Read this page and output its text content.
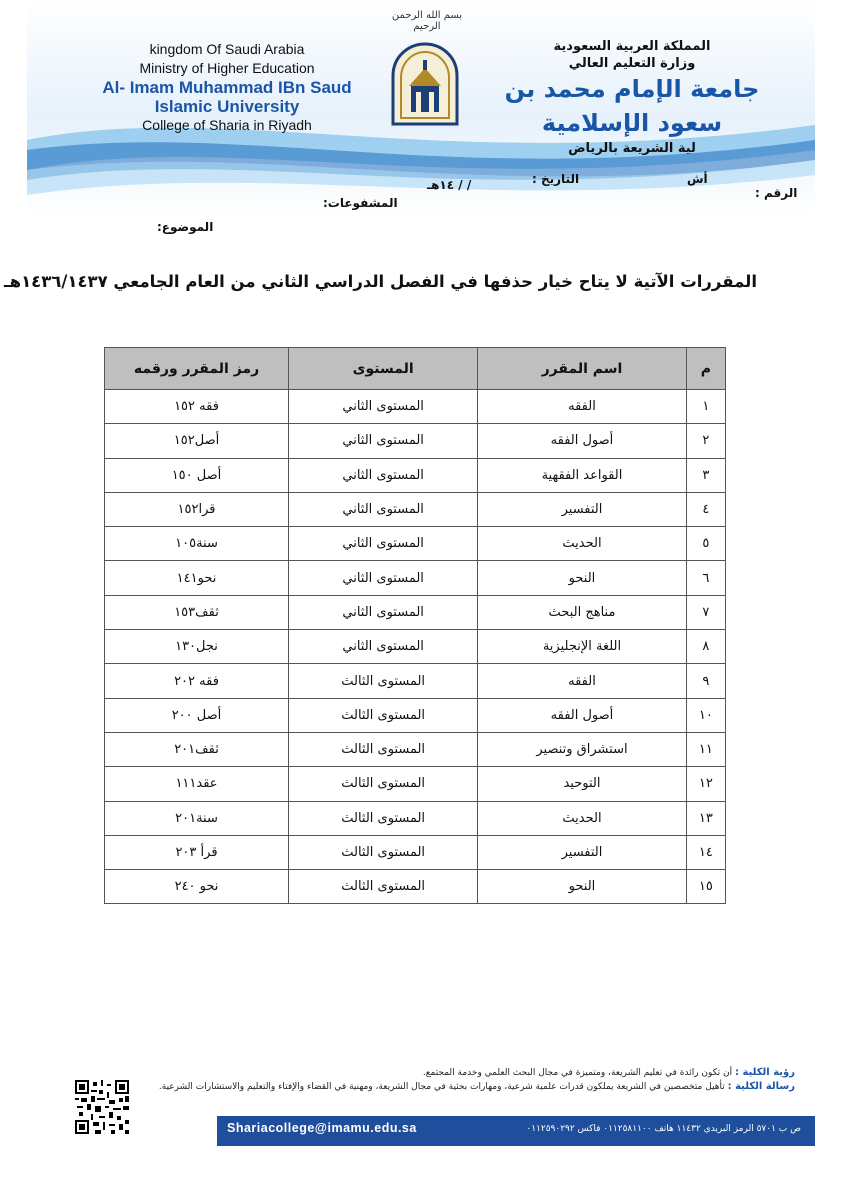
بسم الله الرحمن الرحيم
kingdom Of Saudi Arabia
Ministry of Higher Education
Al- Imam Muhammad IBn Saud
Islamic University
College of Sharia in Riyadh
المملكة العربية السعودية
وزارة التعليم العالي
جامعة الإمام محمد بن سعود الإسلامية
لية الشريعة بالرياض
الرقم :
أش
التاريخ :
/ / ١٤هـ
المشفوعات:
الموضوع:
المقررات الآتية لا يتاح خيار حذفها في الفصل الدراسي الثاني من العام الجامعي ١٤٣٦/١٤٣٧هـ
م	اسم المقرر	المستوى	رمز المقرر ورقمه
١	الفقه	المستوى الثاني	فقه ١٥٢
٢	أصول الفقه	المستوى الثاني	أصل١٥٢
٣	القواعد الفقهية	المستوى الثاني	أصل ١٥٠
٤	التفسير	المستوى الثاني	قرا١٥٢
٥	الحديث	المستوى الثاني	سنة١٠٥
٦	النحو	المستوى الثاني	نحو١٤١
٧	مناهج البحث	المستوى الثاني	ثقف١٥٣
٨	اللغة الإنجليزية	المستوى الثاني	نجل١٣٠
٩	الفقه	المستوى الثالث	فقه ٢٠٢
١٠	أصول الفقه	المستوى الثالث	أصل ٢٠٠
١١	استشراق وتنصير	المستوى الثالث	ثقف٢٠١
١٢	التوحيد	المستوى الثالث	عقد١١١
١٣	الحديث	المستوى الثالث	سنة٢٠١
١٤	التفسير	المستوى الثالث	قرأ ٢٠٣
١٥	النحو	المستوى الثالث	نحو ٢٤٠
رؤية الكلية : أن تكون رائدة في تعليم الشريعة، ومتميزة في مجال البحث العلمي وخدمة المجتمع.
رسالة الكلية : تأهيل متخصصين في الشريعة يملكون قدرات علمية شرعية، ومهارات بحثية في مجال الشريعة، ومهنية في القضاء والإفتاء والتعليم والاستشارات الشرعية.
Shariacollege@imamu.edu.sa	ص ب ٥٧٠١ الرمز البريدي ١١٤٣٢ هاتف ٠١١٢٥٨١١٠٠ فاكس ٠١١٢٥٩٠٢٩٢
